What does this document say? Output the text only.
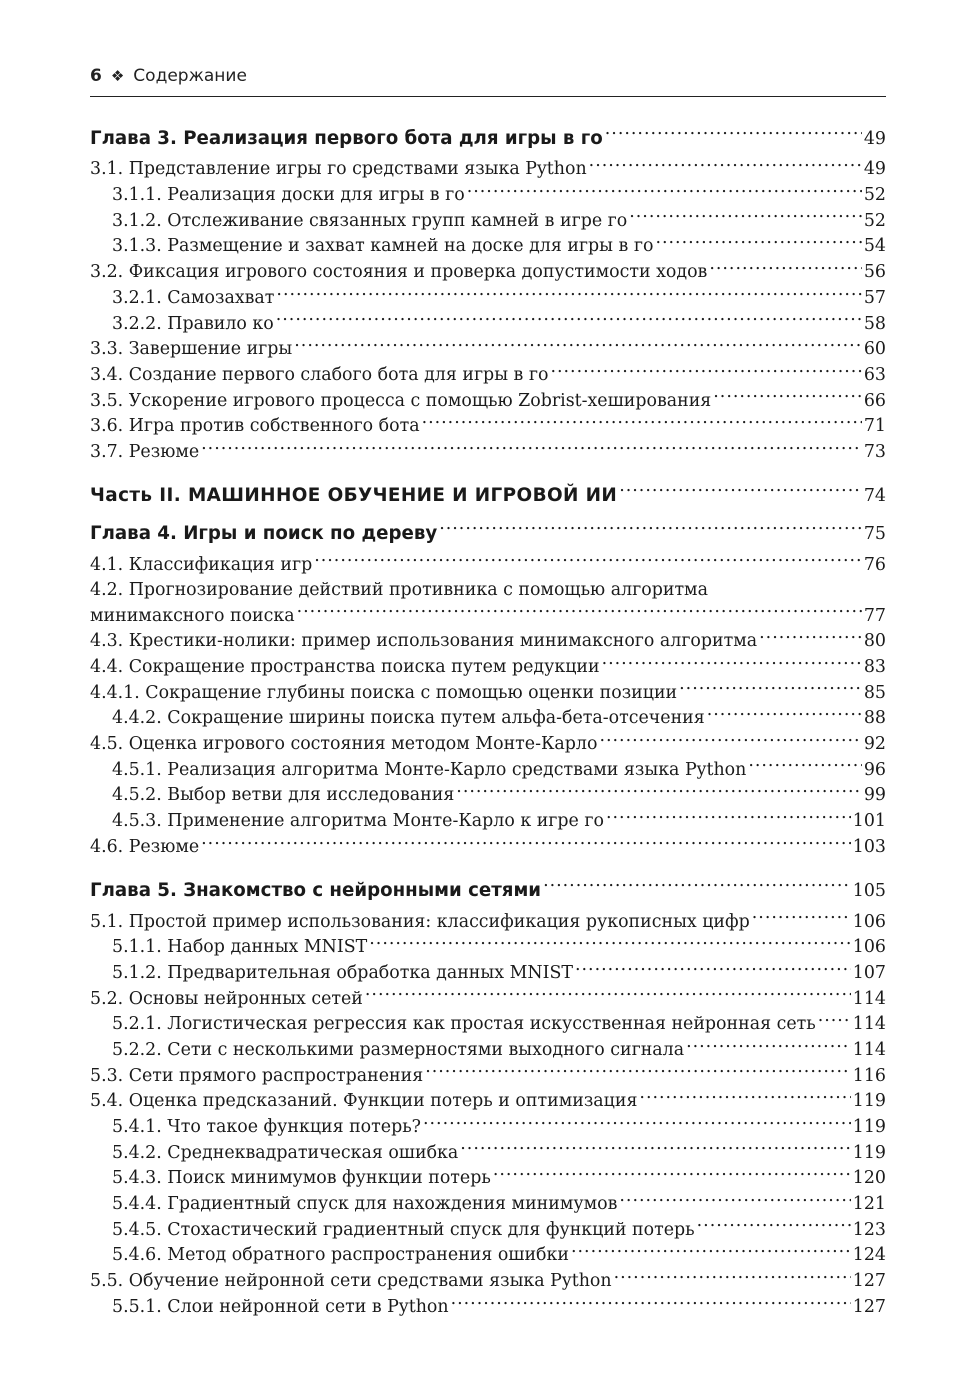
6 ❖ Содержание
Глава 3. Реализация первого бота для игры в го .....	49
3.1. Представление игры го средствами языка Python .....	49
3.1.1. Реализация доски для игры в го .....	52
3.1.2. Отслеживание связанных групп камней в игре го .....	52
3.1.3. Размещение и захват камней на доске для игры в го .....	54
3.2. Фиксация игрового состояния и проверка допустимости ходов .....	56
3.2.1. Самозахват .....	57
3.2.2. Правило ко .....	58
3.3. Завершение игры .....	60
3.4. Создание первого слабого бота для игры в го .....	63
3.5. Ускорение игрового процесса с помощью Zobrist-хеширования .....	66
3.6. Игра против собственного бота .....	71
3.7. Резюме .....	73
Часть II. МАШИННОЕ ОБУЧЕНИЕ И ИГРОВОЙ ИИ .....	74
Глава 4. Игры и поиск по дереву .....	75
4.1. Классификация игр .....	76
4.2. Прогнозирование действий противника с помощью алгоритма
минимаксного поиска .....	77
4.3. Крестики-нолики: пример использования минимаксного алгоритма .....	80
4.4. Сокращение пространства поиска путем редукции .....	83
4.4.1. Сокращение глубины поиска с помощью оценки позиции .....	85
4.4.2. Сокращение ширины поиска путем альфа-бета-отсечения .....	88
4.5. Оценка игрового состояния методом Монте-Карло .....	92
4.5.1. Реализация алгоритма Монте-Карло средствами языка Python .....	96
4.5.2. Выбор ветви для исследования .....	99
4.5.3. Применение алгоритма Монте-Карло к игре го .....	101
4.6. Резюме .....	103
Глава 5. Знакомство с нейронными сетями .....	105
5.1. Простой пример использования: классификация рукописных цифр .....	106
5.1.1. Набор данных MNIST .....	106
5.1.2. Предварительная обработка данных MNIST .....	107
5.2. Основы нейронных сетей .....	114
5.2.1. Логистическая регрессия как простая искусственная нейронная сеть ..... 114
5.2.2. Сети с несколькими размерностями выходного сигнала .....	114
5.3. Сети прямого распространения .....	116
5.4. Оценка предсказаний. Функции потерь и оптимизация .....	119
5.4.1. Что такое функция потерь? .....	119
5.4.2. Среднеквадратическая ошибка .....	119
5.4.3. Поиск минимумов функции потерь .....	120
5.4.4. Градиентный спуск для нахождения минимумов .....	121
5.4.5. Стохастический градиентный спуск для функций потерь .....	123
5.4.6. Метод обратного распространения ошибки .....	124
5.5. Обучение нейронной сети средствами языка Python .....	127
5.5.1. Слои нейронной сети в Python .....	127
